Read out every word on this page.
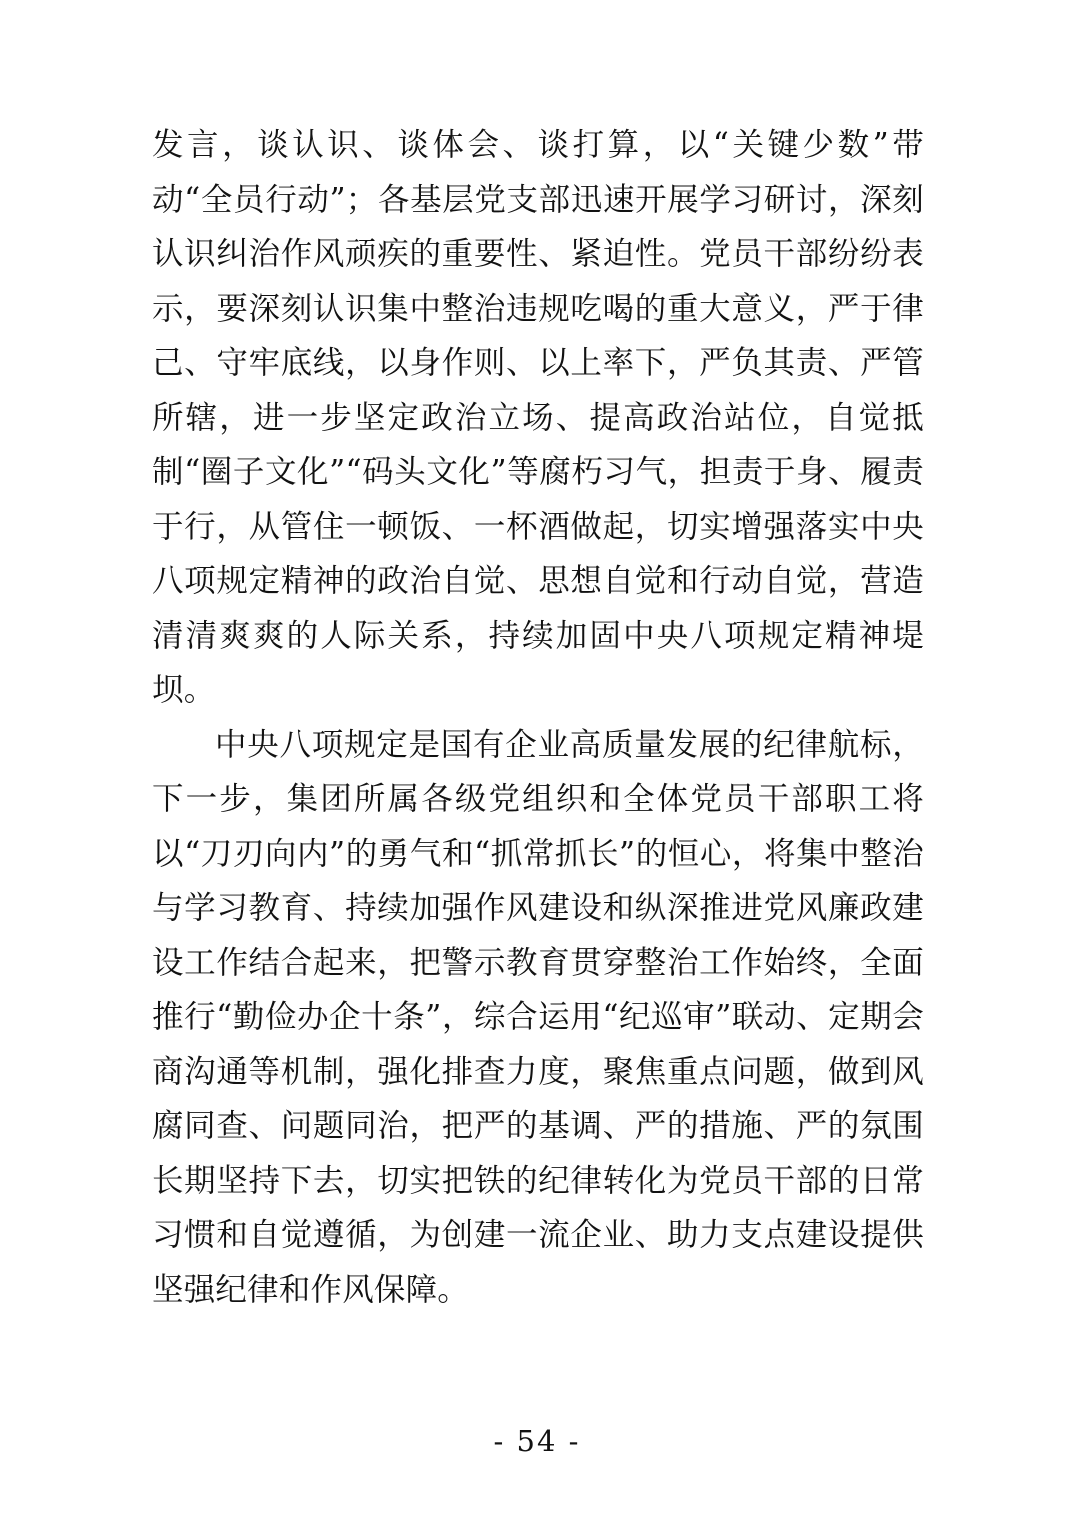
发言，谈认识、谈体会、谈打算，以“关键少数”带动“全员行动”；各基层党支部迅速开展学习研讨，深刻认识纠治作风顽疾的重要性、紧迫性。党员干部纷纷表示，要深刻认识集中整治违规吃喝的重大意义，严于律己、守牢底线，以身作则、以上率下，严负其责、严管所辖，进一步坚定政治立场、提高政治站位，自觉抵制“圈子文化”“码头文化”等腐朽习气，担责于身、履责于行，从管住一顿饭、一杯酒做起，切实增强落实中央八项规定精神的政治自觉、思想自觉和行动自觉，营造清清爽爽的人际关系，持续加固中央八项规定精神堤坝。

中央八项规定是国有企业高质量发展的纪律航标，下一步，集团所属各级党组织和全体党员干部职工将以“刀刃向内”的勇气和“抓常抓长”的恒心，将集中整治与学习教育、持续加强作风建设和纵深推进党风廉政建设工作结合起来，把警示教育贯穿整治工作始终，全面推行“勤俭办企十条”，综合运用“纪巡审”联动、定期会商沟通等机制，强化排查力度，聚焦重点问题，做到风腐同查、问题同治，把严的基调、严的措施、严的氛围长期坚持下去，切实把铁的纪律转化为党员干部的日常习惯和自觉遵循，为创建一流企业、助力支点建设提供坚强纪律和作风保障。

- 54 -
